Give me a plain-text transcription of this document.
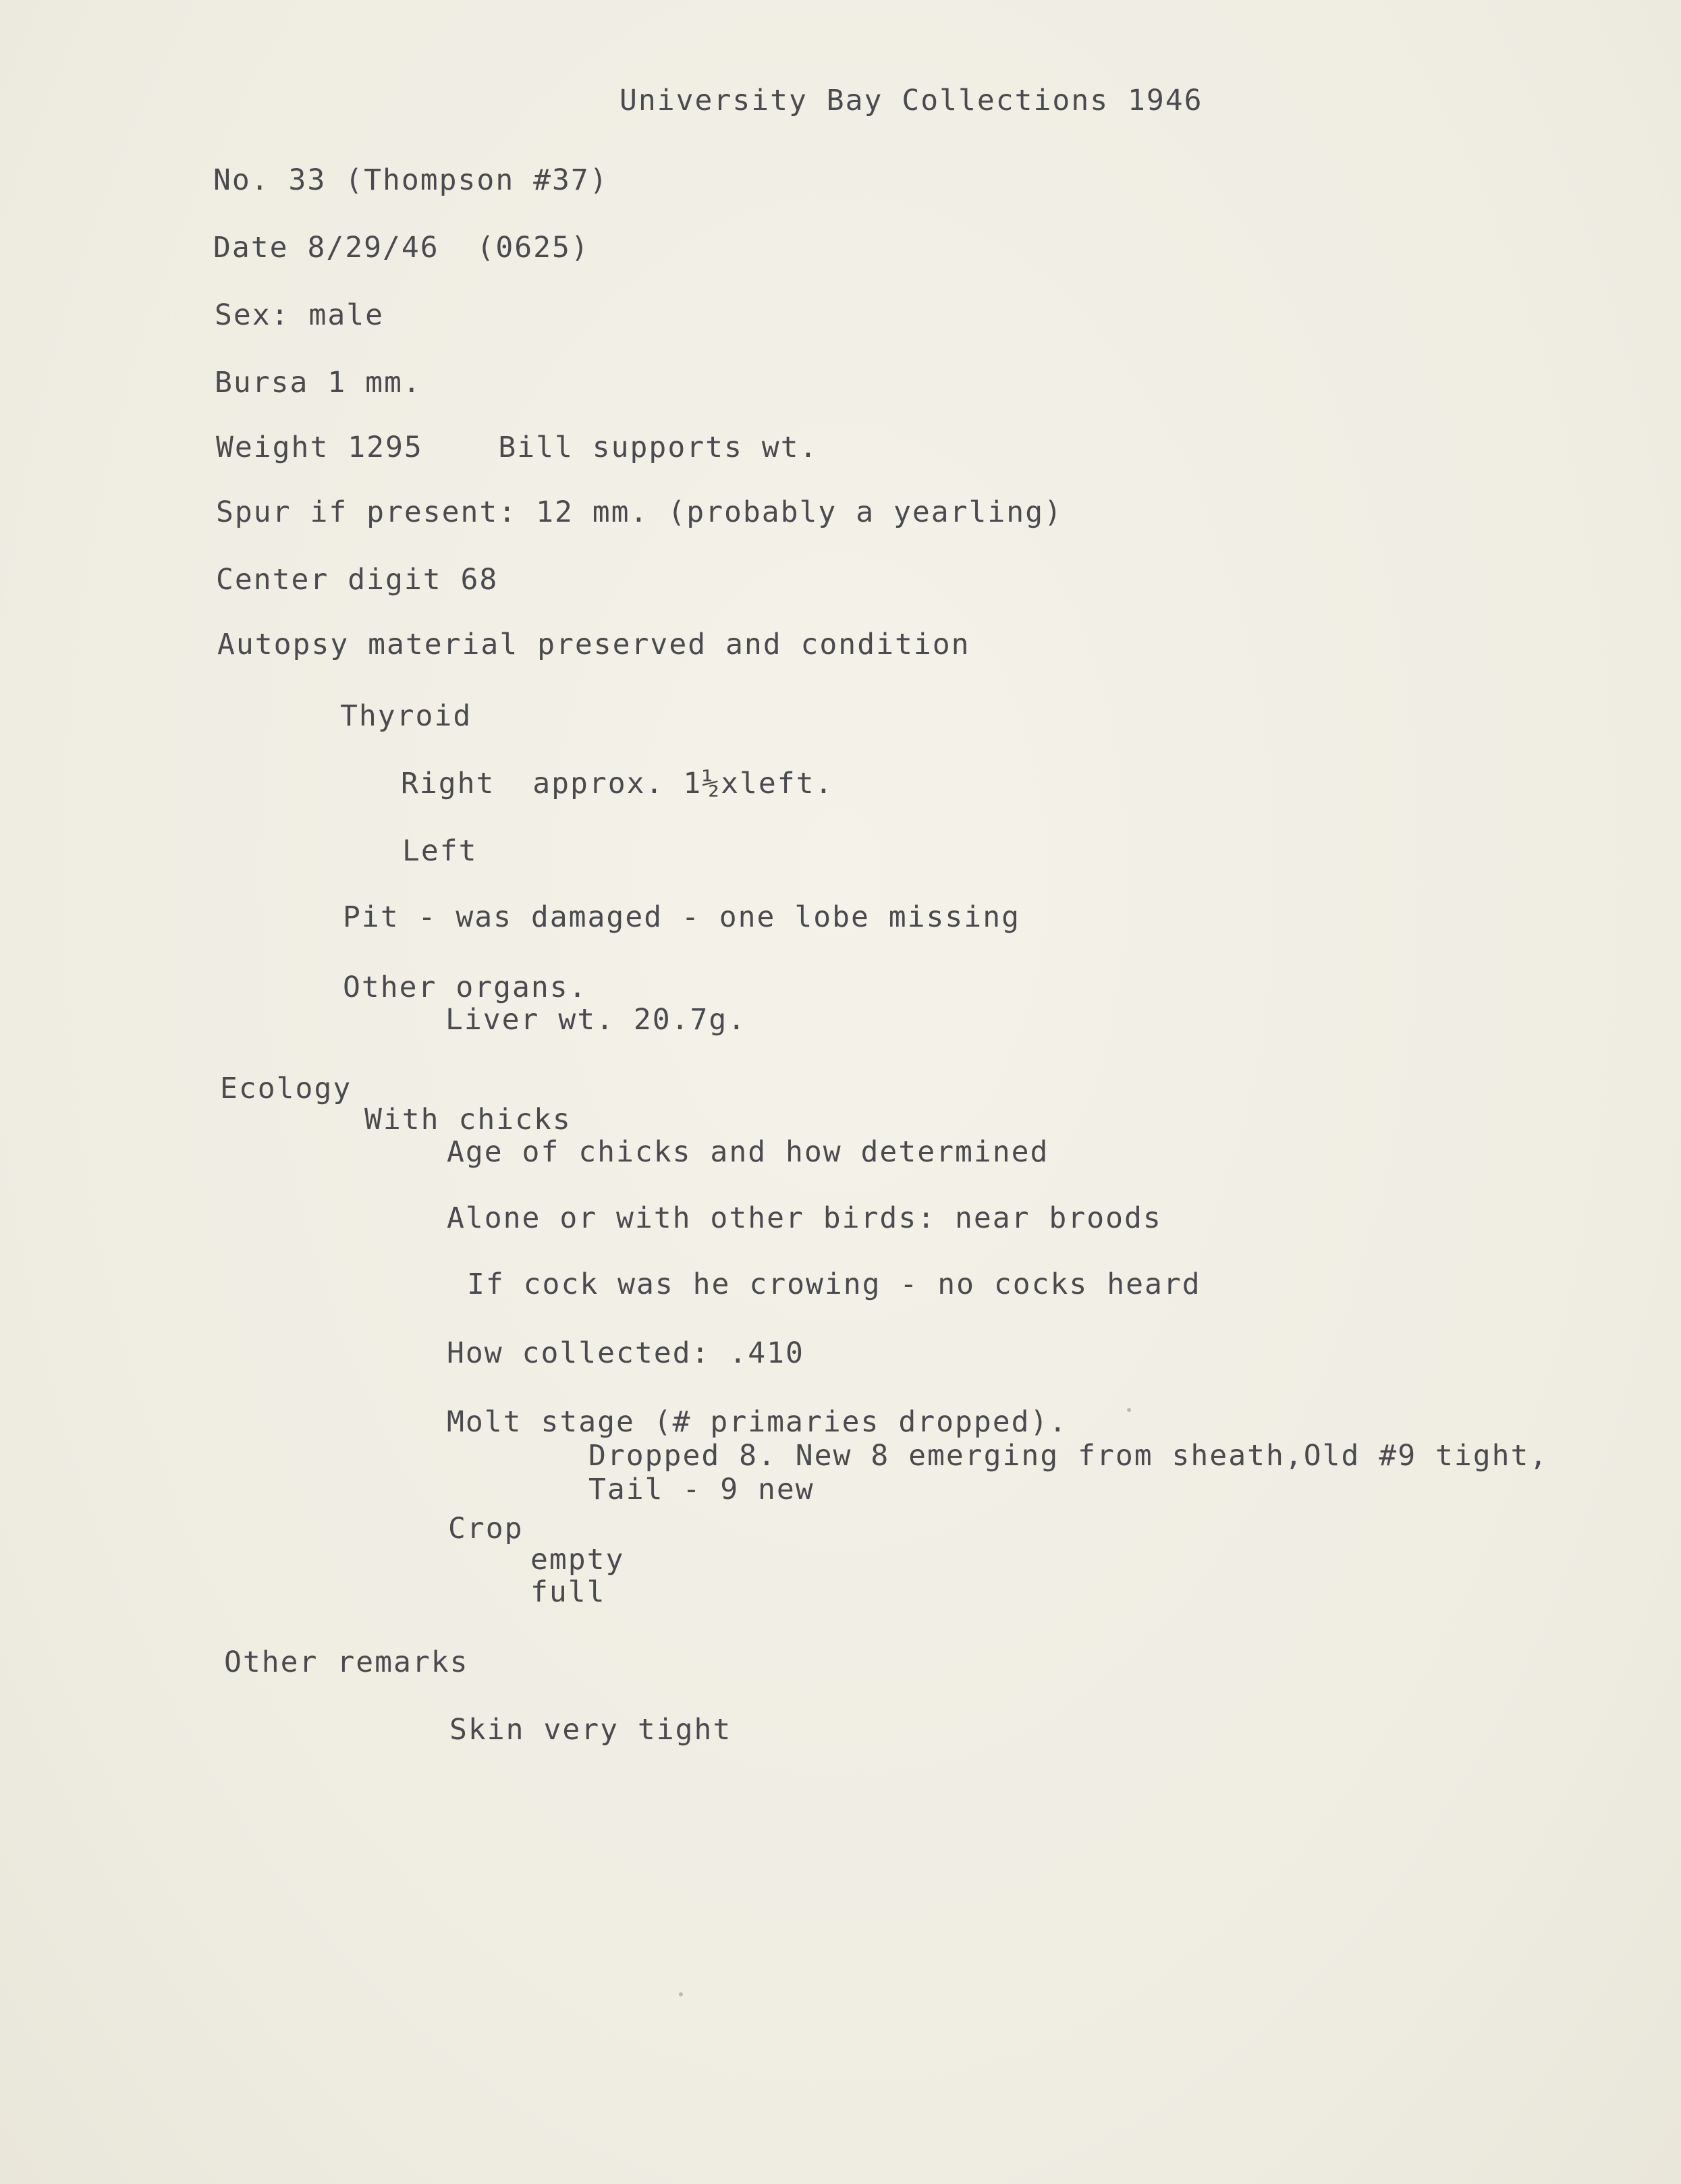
University Bay Collections 1946
No. 33 (Thompson #37)
Date 8/29/46  (0625)
Sex: male
Bursa 1 mm.
Weight 1295    Bill supports wt.
Spur if present: 12 mm. (probably a yearling)
Center digit 68
Autopsy material preserved and condition
Thyroid
Right  approx. 1½xleft.
Left
Pit - was damaged - one lobe missing
Other organs.
Liver wt. 20.7g.
Ecology
With chicks
Age of chicks and how determined
Alone or with other birds: near broods
If cock was he crowing - no cocks heard
How collected: .410
Molt stage (# primaries dropped).
Dropped 8. New 8 emerging from sheath,Old #9 tight,
Tail - 9 new
Crop
empty
full
Other remarks
Skin very tight
